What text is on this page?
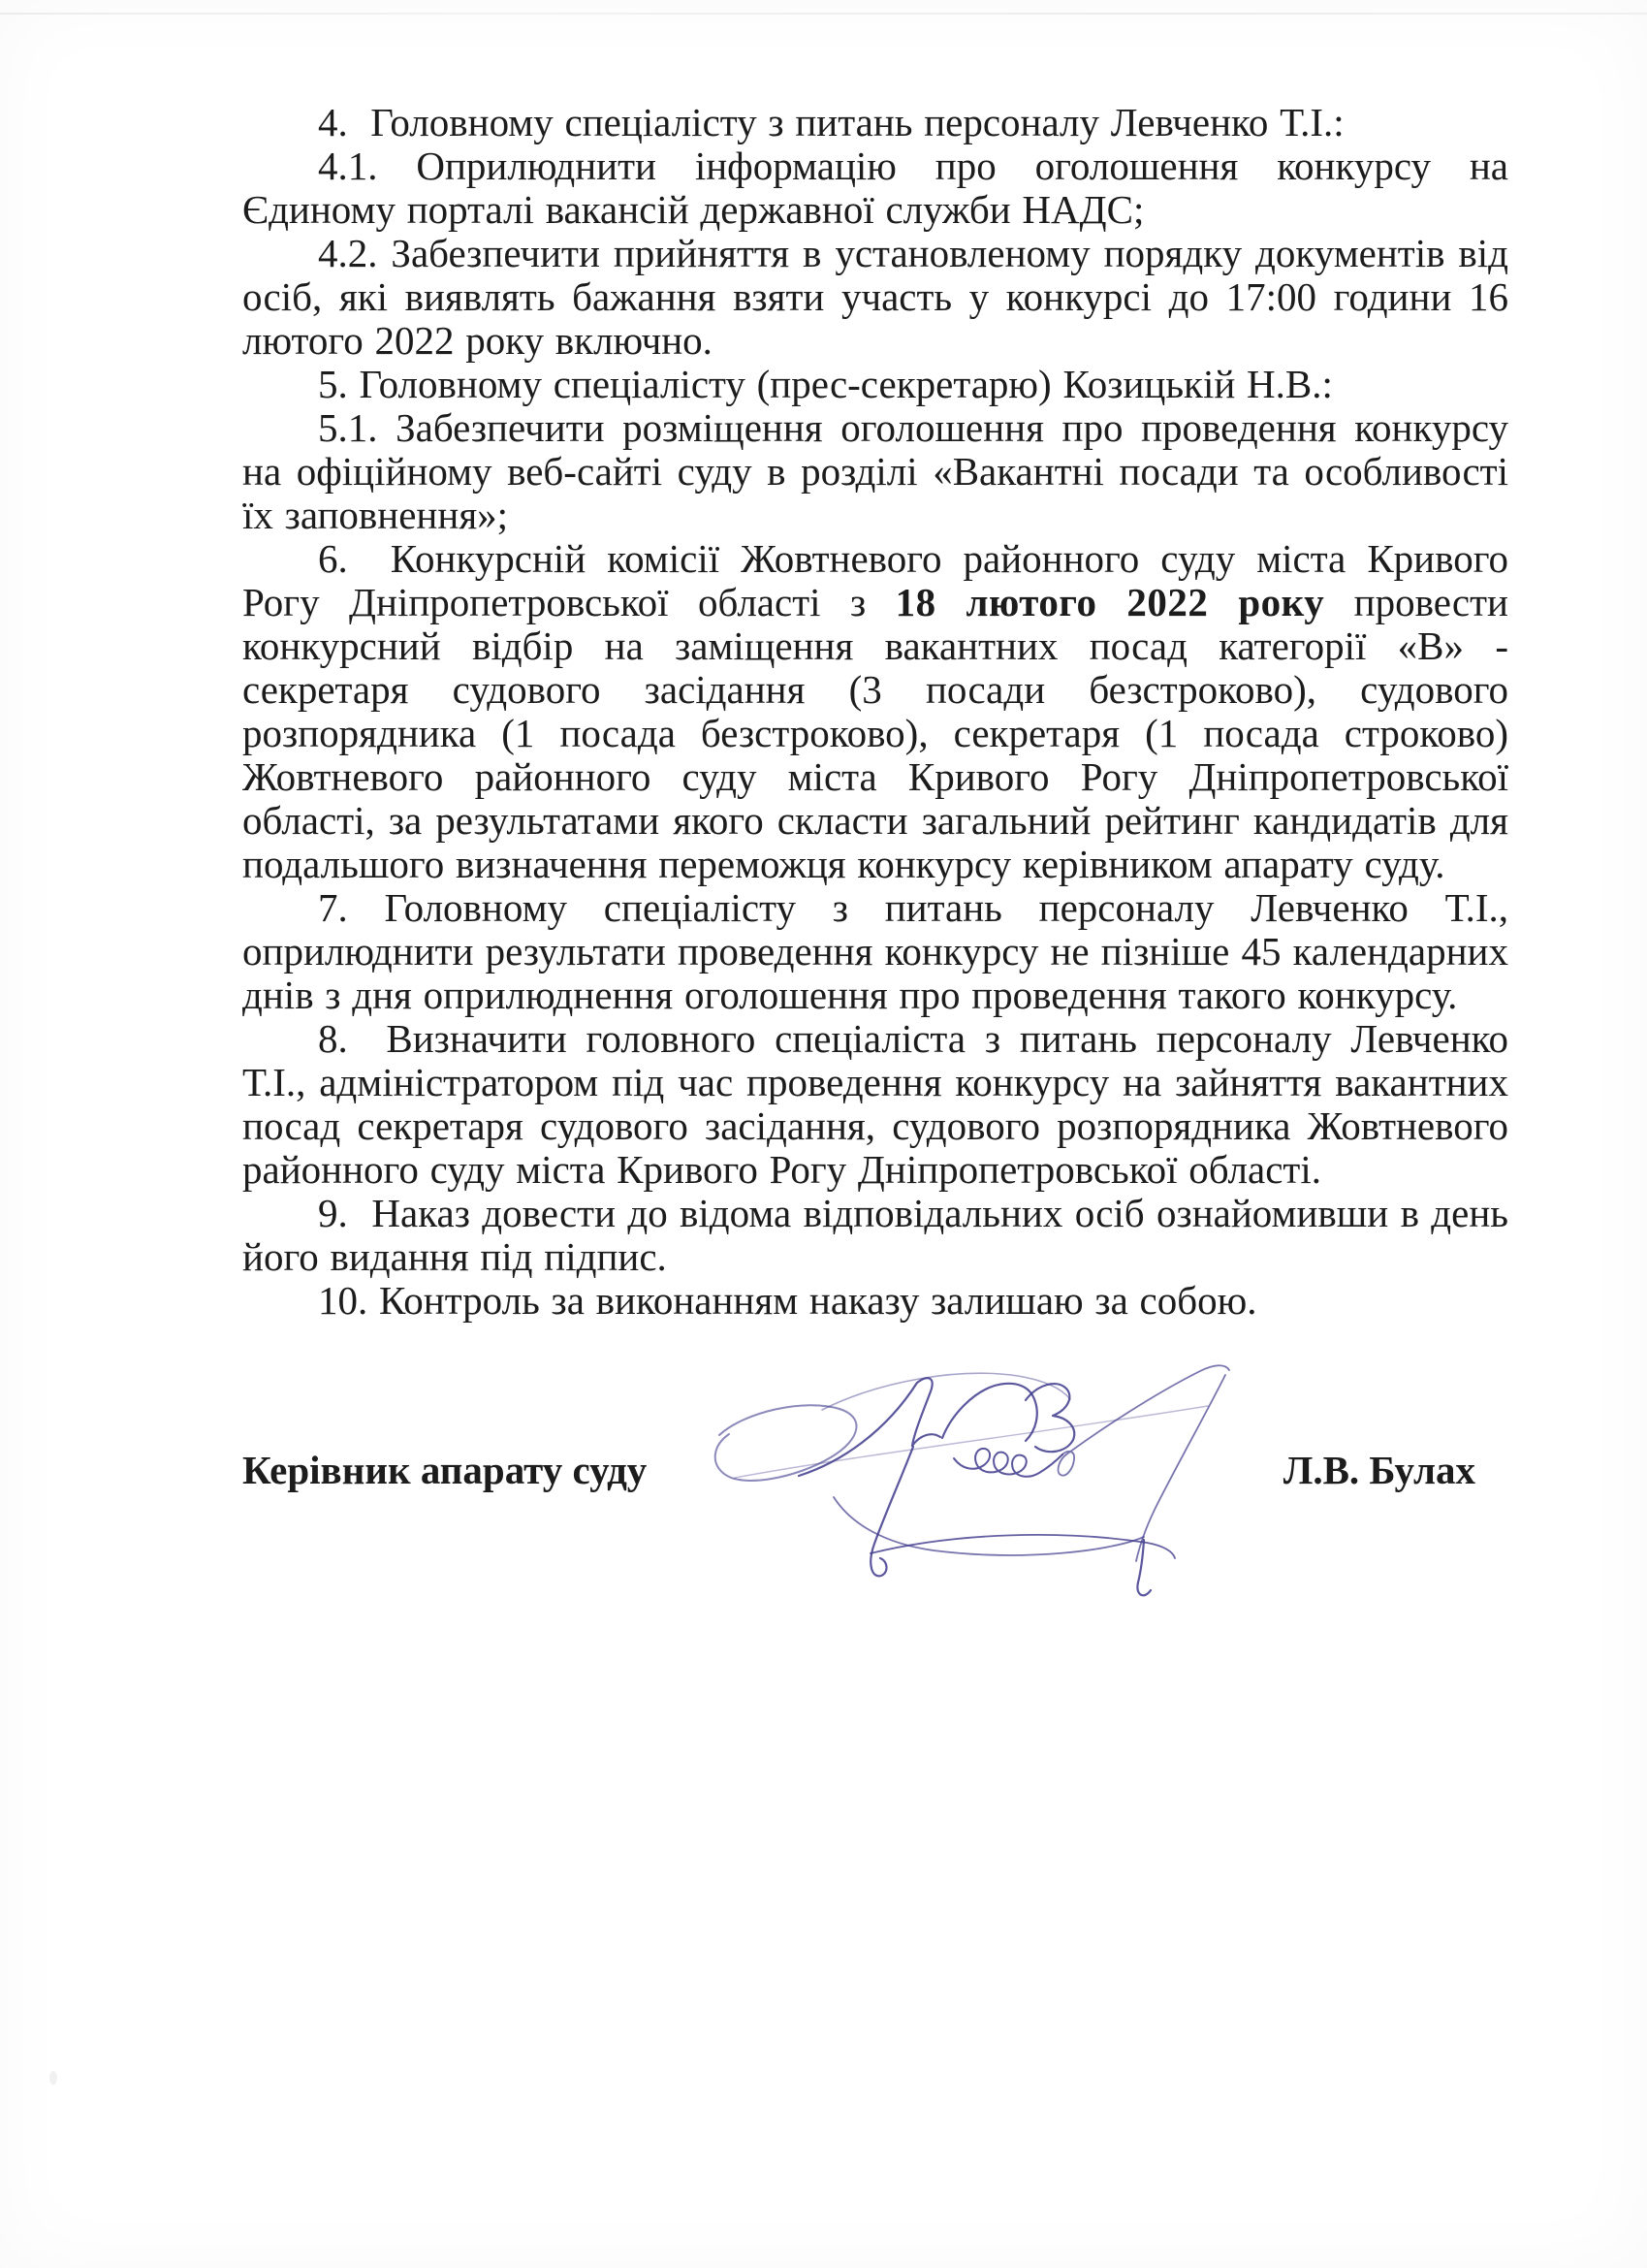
4.  Головному спеціалісту з питань персоналу Левченко Т.І.:

4.1. Оприлюднити інформацію про оголошення конкурсу на Єдиному порталі вакансій державної служби НАДС;

4.2. Забезпечити прийняття в установленому порядку документів від осіб, які виявлять бажання взяти участь у конкурсі до 17:00 години 16 лютого 2022 року включно.

5. Головному спеціалісту (прес-секретарю) Козицькій Н.В.:

5.1. Забезпечити розміщення оголошення про проведення конкурсу на офіційному веб-сайті суду в розділі «Вакантні посади та особливості їх заповнення»;

6.  Конкурсній комісії Жовтневого районного суду міста Кривого Рогу Дніпропетровської області з 18 лютого 2022 року провести конкурсний відбір на заміщення вакантних посад категорії «В» - секретаря судового засідання (3 посади безстроково), судового розпорядника (1 посада безстроково), секретаря (1 посада строково) Жовтневого районного суду міста Кривого Рогу Дніпропетровської області, за результатами якого скласти загальний рейтинг кандидатів для подальшого визначення переможця конкурсу керівником апарату суду.

7. Головному спеціалісту з питань персоналу Левченко Т.І., оприлюднити результати проведення конкурсу не пізніше 45 календарних днів з дня оприлюднення оголошення про проведення такого конкурсу.

8.  Визначити головного спеціаліста з питань персоналу Левченко Т.І., адміністратором під час проведення конкурсу на зайняття вакантних посад секретаря судового засідання, судового розпорядника Жовтневого районного суду міста Кривого Рогу Дніпропетровської області.

9.  Наказ довести до відома відповідальних осіб ознайомивши в день його видання під підпис.

10. Контроль за виконанням наказу залишаю за собою.

Керівник апарату суду	Л.В. Булах
